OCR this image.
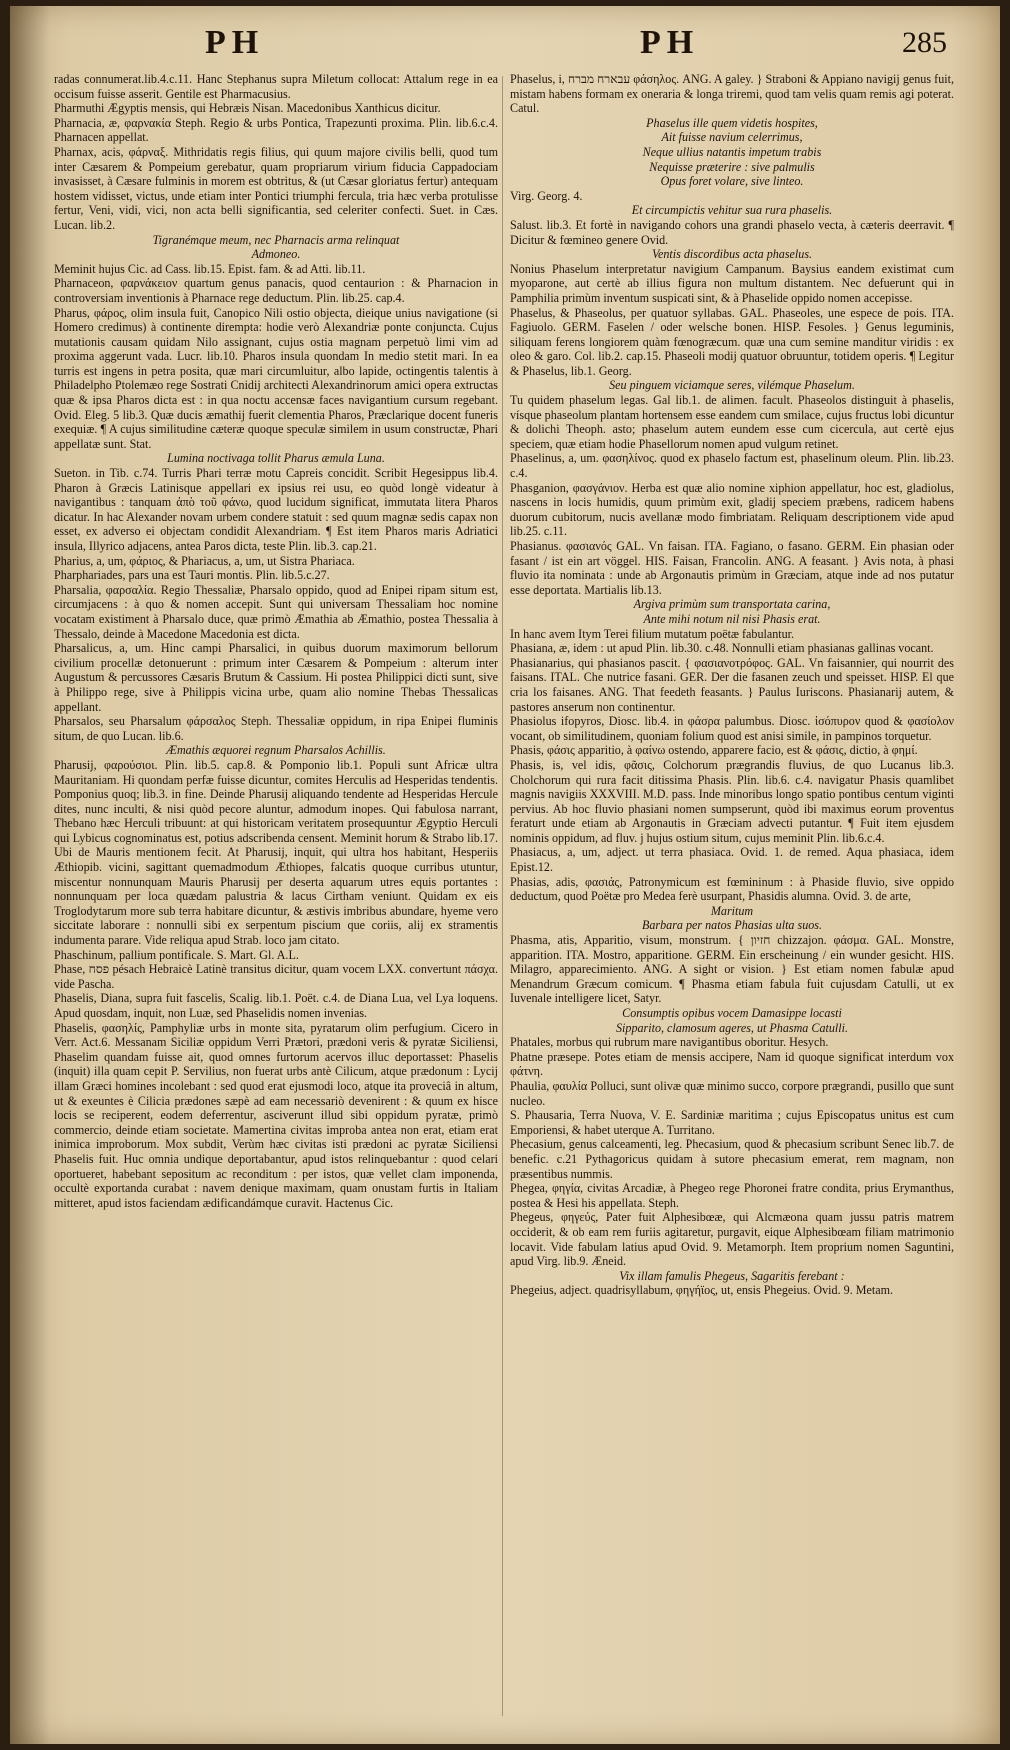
PH	PH	285

radas connumerat.lib.4.c.11. Hanc Stephanus supra Miletum collocat: Attalum rege in ea occisum fuisse asserit. Gentile est Pharmacusius.

Pharmuthi Ægyptis mensis, qui Hebræis Nisan. Macedonibus Xanthicus dicitur.

Pharnacia, æ, φαρνακία Steph. Regio & urbs Pontica, Trapezunti proxima. Plin. lib.6.c.4. Pharnacen appellat.

Pharnax, acis, φάρναξ. Mithridatis regis filius, qui quum majore civilis belli, quod tum inter Cæsarem & Pompeium gerebatur, quam propriarum virium fiducia Cappadociam invasisset, à Cæsare fulminis in morem est obtritus, & (ut Cæsar gloriatus fertur) antequam hostem vidisset, victus, unde etiam inter Pontici triumphi fercula, tria hæc verba protulisse fertur, Veni, vidi, vici, non acta belli significantia, sed celeriter confecti. Suet. in Cæs. Lucan. lib.2.

Tigranémque meum, nec Pharnacis arma relinquat

Admoneo.

Meminit hujus Cic. ad Cass. lib.15. Epist. fam. & ad Atti. lib.11.

Pharnaceon, φαρνάκειον quartum genus panacis, quod centaurion : & Pharnacion in controversiam inventionis à Pharnace rege deductum. Plin. lib.25. cap.4.

Pharus, φάρος, olim insula fuit, Canopico Nili ostio objecta, dieique unius navigatione (si Homero credimus) à continente dirempta: hodie verò Alexandriæ ponte conjuncta. Cujus mutationis causam quidam Nilo assignant, cujus ostia magnam perpetuò limi vim ad proxima aggerunt vada. Lucr. lib.10. Pharos insula quondam In medio stetit mari. In ea turris est ingens in petra posita, quæ mari circumluitur, albo lapide, octingentis talentis à Philadelpho Ptolemæo rege Sostrati Cnidij architecti Alexandrinorum amici opera extructas quæ & ipsa Pharos dicta est : in qua noctu accensæ faces navigantium cursum regebant. Ovid. Eleg. 5 lib.3. Quæ ducis æmathij fuerit clementia Pharos, Præclarique docent funeris exequiæ. ¶ A cujus similitudine cæteræ quoque speculæ similem in usum constructæ, Phari appellatæ sunt. Stat.

Lumina noctivaga tollit Pharus æmula Luna.

Sueton. in Tib. c.74. Turris Phari terræ motu Capreis concidit. Scribit Hegesippus lib.4. Pharon à Græcis Latinisque appellari ex ipsius rei usu, eo quòd longè videatur à navigantibus : tanquam ἀπὸ τοῦ φάνω, quod lucidum significat, immutata litera Pharos dicatur. In hac Alexander novam urbem condere statuit : sed quum magnæ sedis capax non esset, ex adverso ei objectam condidit Alexandriam. ¶ Est item Pharos maris Adriatici insula, Illyrico adjacens, antea Paros dicta, teste Plin. lib.3. cap.21.

Pharius, a, um, φάριος, & Phariacus, a, um, ut Sistra Phariaca.

Pharphariades, pars una est Tauri montis. Plin. lib.5.c.27.

Pharsalia, φαρσαλία. Regio Thessaliæ, Pharsalo oppido, quod ad Enipei ripam situm est, circumjacens : à quo & nomen accepit. Sunt qui universam Thessaliam hoc nomine vocatam existiment à Pharsalo duce, quæ primò Æmathia ab Æmathio, postea Thessalia à Thessalo, deinde à Macedone Macedonia est dicta.

Pharsalicus, a, um. Hinc campi Pharsalici, in quibus duorum maximorum bellorum civilium procellæ detonuerunt : primum inter Cæsarem & Pompeium : alterum inter Augustum & percussores Cæsaris Brutum & Cassium. Hi postea Philippici dicti sunt, sive à Philippo rege, sive à Philippis vicina urbe, quam alio nomine Thebas Thessalicas appellant.

Pharsalos, seu Pharsalum φάρσαλος Steph. Thessaliæ oppidum, in ripa Enipei fluminis situm, de quo Lucan. lib.6.

Æmathis æquorei regnum Pharsalos Achillis.

Pharusij, φαρούσιοι. Plin. lib.5. cap.8. & Pomponio lib.1. Populi sunt Africæ ultra Mauritaniam. Hi quondam perfæ fuisse dicuntur, comites Herculis ad Hesperidas tendentis. Pomponius quoq; lib.3. in fine. Deinde Pharusij aliquando tendente ad Hesperidas Hercule dites, nunc inculti, & nisi quòd pecore aluntur, admodum inopes. Qui fabulosa narrant, Thebano hæc Herculi tribuunt: at qui historicam veritatem prosequuntur Ægyptio Herculi qui Lybicus cognominatus est, potius adscribenda censent. Meminit horum & Strabo lib.17. Ubi de Mauris mentionem fecit. At Pharusij, inquit, qui ultra hos habitant, Hesperiis Æthiopib. vicini, sagittant quemadmodum Æthiopes, falcatis quoque curribus utuntur, miscentur nonnunquam Mauris Pharusij per deserta aquarum utres equis portantes : nonnunquam per loca quædam palustria & lacus Cirtham veniunt. Quidam ex eis Troglodytarum more sub terra habitare dicuntur, & æstivis imbribus abundare, hyeme vero siccitate laborare : nonnulli sibi ex serpentum piscium que coriis, alij ex stramentis indumenta parare. Vide reliqua apud Strab. loco jam citato.

Phaschinum, pallium pontificale. S. Mart. Gl. A.L.

Phase, פסח pésach Hebraicè Latinè transitus dicitur, quam vocem LXX. convertunt πάσχα. vide Pascha.

Phaselis, Diana, supra fuit fascelis, Scalig. lib.1. Poët. c.4. de Diana Lua, vel Lya loquens. Apud quosdam, inquit, non Luæ, sed Phaselidis nomen invenias.

Phaselis, φασηλίς, Pamphyliæ urbs in monte sita, pyratarum olim perfugium. Cicero in Verr. Act.6. Messanam Siciliæ oppidum Verri Prætori, prædoni veris & pyratæ Siciliensi, Phaselim quandam fuisse ait, quod omnes furtorum acervos illuc deportasset: Phaselis (inquit) illa quam cepit P. Servilius, non fuerat urbs antè Cilicum, atque prædonum : Lycij illam Græci homines incolebant : sed quod erat ejusmodi loco, atque ita proveciâ in altum, ut & exeuntes è Cilicia prædones sæpè ad eam necessariò devenirent : & quum ex hisce locis se reciperent, eodem deferrentur, asciverunt illud sibi oppidum pyratæ, primò commercio, deinde etiam societate. Mamertina civitas improba antea non erat, etiam erat inimica improborum. Mox subdit, Verùm hæc civitas isti prædoni ac pyratæ Siciliensi Phaselis fuit. Huc omnia undique deportabantur, apud istos relinquebantur : quod celari oportueret, habebant sepositum ac reconditum : per istos, quæ vellet clam imponenda, occultè exportanda curabat : navem denique maximam, quam onustam furtis in Italiam mitteret, apud istos faciendam ædificandámque curavit. Hactenus Cic.

Phaselus, i, עבארח מברח φάσηλος. ANG. A galey. } Straboni & Appiano navigij genus fuit, mistam habens formam ex oneraria & longa triremi, quod tam velis quam remis agi poterat. Catul.

Phaselus ille quem videtis hospites,

Ait fuisse navium celerrimus,

Neque ullius natantis impetum trabis

Nequisse præterire : sive palmulis

Opus foret volare, sive linteo.

Virg. Georg. 4.

Et circumpictis vehitur sua rura phaselis.

Salust. lib.3. Et fortè in navigando cohors una grandi phaselo vecta, à cæteris deerravit. ¶ Dicitur & fœmineo genere Ovid.

Ventis discordibus acta phaselus.

Nonius Phaselum interpretatur navigium Campanum. Baysius eandem existimat cum myoparone, aut certè ab illius figura non multum distantem. Nec defuerunt qui in Pamphilia primùm inventum suspicati sint, & à Phaselide oppido nomen accepisse.

Phaselus, & Phaseolus, per quatuor syllabas. GAL. Phaseoles, une espece de pois. ITA. Fagiuolo. GERM. Faselen / oder welsche bonen. HISP. Fesoles. } Genus leguminis, siliquam ferens longiorem quàm fœnogræcum. quæ una cum semine manditur viridis : ex oleo & garo. Col. lib.2. cap.15. Phaseoli modij quatuor obruuntur, totidem operis. ¶ Legitur & Phaselus, lib.1. Georg.

Seu pinguem viciamque seres, vilémque Phaselum.

Tu quidem phaselum legas. Gal lib.1. de alimen. facult. Phaseolos distinguit à phaselis, vísque phaseolum plantam hortensem esse eandem cum smilace, cujus fructus lobi dicuntur & dolichi Theoph. asto; phaselum autem eundem esse cum cicercula, aut certè ejus speciem, quæ etiam hodie Phasellorum nomen apud vulgum retinet.

Phaselinus, a, um. φασηλίνος. quod ex phaselo factum est, phaselinum oleum. Plin. lib.23. c.4.

Phasganion, φασγάνιον. Herba est quæ alio nomine xiphion appellatur, hoc est, gladiolus, nascens in locis humidis, quum primùm exit, gladij speciem præbens, radicem habens duorum cubitorum, nucis avellanæ modo fimbriatam. Reliquam descriptionem vide apud lib.25. c.11.

Phasianus. φασιανός GAL. Vn faisan. ITA. Fagiano, o fasano. GERM. Ein phasian oder fasant / ist ein art vöggel. HIS. Faisan, Francolin. ANG. A feasant. } Avis nota, à phasi fluvio ita nominata : unde ab Argonautis primùm in Græciam, atque inde ad nos putatur esse deportata. Martialis lib.13.

Argiva primùm sum transportata carina,

Ante mihi notum nil nisi Phasis erat.

In hanc avem Itym Terei filium mutatum poëtæ fabulantur.

Phasiana, æ, idem : ut apud Plin. lib.30. c.48. Nonnulli etiam phasianas gallinas vocant.

Phasianarius, qui phasianos pascit. { φασιανοτρόφος. GAL. Vn faisannier, qui nourrit des faisans. ITAL. Che nutrice fasani. GER. Der die fasanen zeuch und speisset. HISP. El que cria los faisanes. ANG. That feedeth feasants. } Paulus Iuriscons. Phasianarij autem, & pastores anserum non continentur.

Phasiolus ifopyros, Diosc. lib.4. in φάσρα palumbus. Diosc. ἰσόπυρον quod & φασίολον vocant, ob similitudinem, quoniam folium quod est anisi simile, in pampinos torquetur.

Phasis, φάσις apparitio, à φαίνω ostendo, apparere facio, est & φάσις, dictio, à φημί.

Phasis, is, vel idis, φᾶσις, Colchorum prægrandis fluvius, de quo Lucanus lib.3. Cholchorum qui rura facit ditissima Phasis. Plin. lib.6. c.4. navigatur Phasis quamlibet magnis navigiis XXXVIII. M.D. pass. Inde minoribus longo spatio pontibus centum viginti pervius. Ab hoc fluvio phasiani nomen sumpserunt, quòd ibi maximus eorum proventus feraturt unde etiam ab Argonautis in Græciam advecti putantur. ¶ Fuit item ejusdem nominis oppidum, ad fluv. j hujus ostium situm, cujus meminit Plin. lib.6.c.4.

Phasiacus, a, um, adject. ut terra phasiaca. Ovid. 1. de remed. Aqua phasiaca, idem Epist.12.

Phasias, adis, φασιάς, Patronymicum est fœmininum : à Phaside fluvio, sive oppido deductum, quod Poëtæ pro Medea ferè usurpant, Phasidis alumna. Ovid. 3. de arte,

Maritum

Barbara per natos Phasias ulta suos.

Phasma, atis, Apparitio, visum, monstrum. { חזיון chizzajon. φάσμα. GAL. Monstre, apparition. ITA. Mostro, apparitione. GERM. Ein erscheinung / ein wunder gesicht. HIS. Milagro, apparecimiento. ANG. A sight or vision. } Est etiam nomen fabulæ apud Menandrum Græcum comicum. ¶ Phasma etiam fabula fuit cujusdam Catulli, ut ex Iuvenale intelligere licet, Satyr.

Consumptis opibus vocem Damasippe locasti

Sipparito, clamosum ageres, ut Phasma Catulli.

Phatales, morbus qui rubrum mare navigantibus oboritur. Hesych.

Phatne præsepe. Potes etiam de mensis accipere, Nam id quoque significat interdum vox φάτνη.

Phaulia, φαυλία Polluci, sunt olivæ quæ minimo succo, corpore prægrandi, pusillo que sunt nucleo.

S. Phausaria, Terra Nuova, V. E. Sardiniæ maritima ; cujus Episcopatus unitus est cum Emporiensi, & habet uterque A. Turritano.

Phecasium, genus calceamenti, leg. Phecasium, quod & phecasium scribunt Senec lib.7. de benefic. c.21 Pythagoricus quidam à sutore phecasium emerat, rem magnam, non præsentibus nummis.

Phegea, φηγία, civitas Arcadiæ, à Phegeo rege Phoronei fratre condita, prius Erymanthus, postea & Hesi his appellata. Steph.

Phegeus, φηγεύς, Pater fuit Alphesibœæ, qui Alcmæona quam jussu patris matrem occiderit, & ob eam rem furiis agitaretur, purgavit, eique Alphesibœam filiam matrimonio locavit. Vide fabulam latius apud Ovid. 9. Metamorph. Item proprium nomen Saguntini, apud Virg. lib.9. Æneid.

Vix illam famulis Phegeus, Sagaritis ferebant :

Phegeius, adject. quadrisyllabum, φηγήϊος, ut, ensis Phegeius. Ovid. 9. Metam.
